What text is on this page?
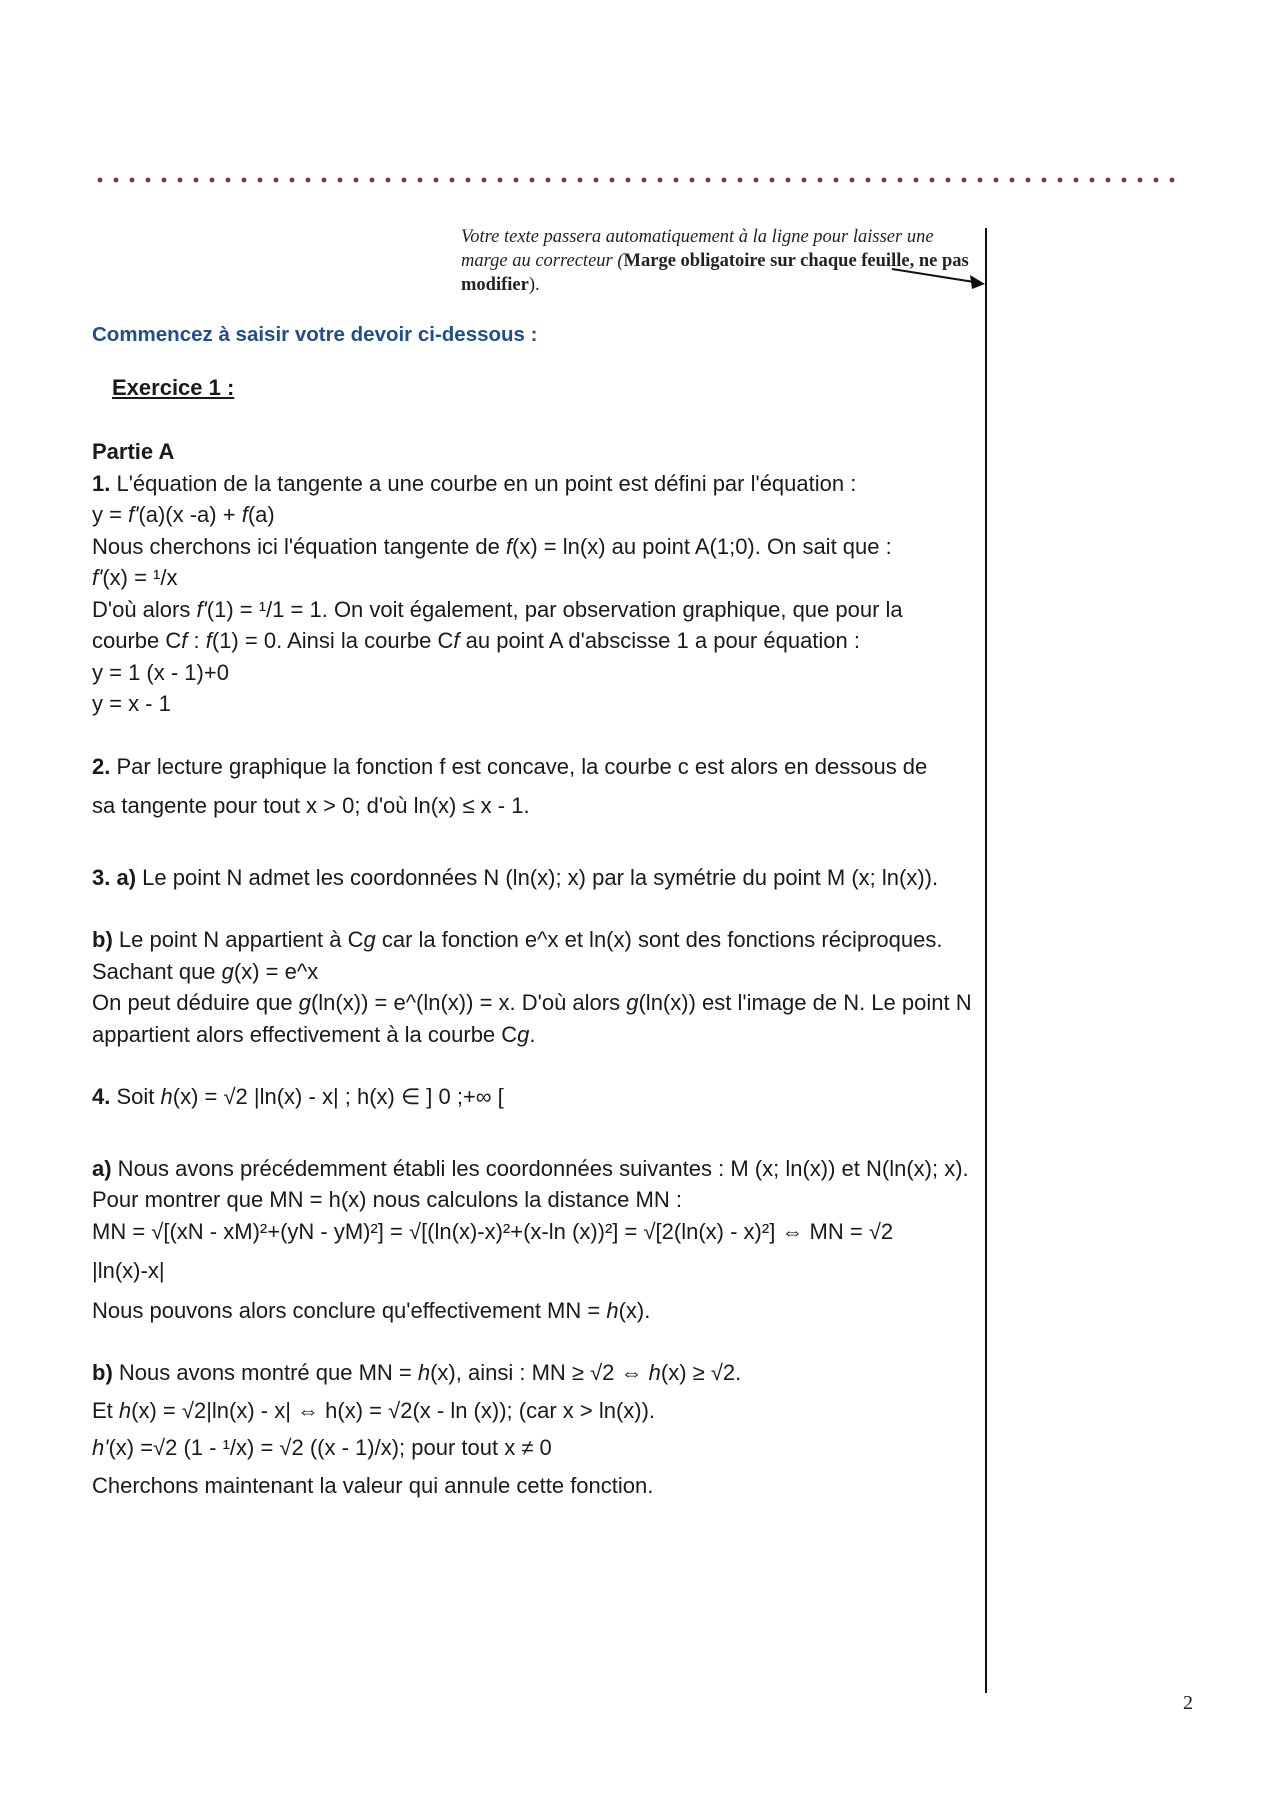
Votre texte passera automatiquement à la ligne pour laisser une marge au correcteur (Marge obligatoire sur chaque feuille, ne pas modifier).
Commencez à saisir votre devoir ci-dessous :
Exercice 1 :

Partie A

1. L'équation de la tangente a une courbe en un point est défini par l'équation :

y = f'(a)(x -a) + f(a)

Nous cherchons ici l'équation tangente de f(x) = ln(x) au point A(1;0). On sait que :

f'(x) = ¹/x

D'où alors f'(1) = ¹/1 = 1. On voit également, par observation graphique, que pour la

courbe Cf : f(1) = 0. Ainsi la courbe Cf au point A d'abscisse 1 a pour équation :

y = 1 (x - 1)+0

y = x - 1

2. Par lecture graphique la fonction f est concave, la courbe c est alors en dessous de

sa tangente pour tout x > 0; d'où ln(x) ≤ x - 1.

3. a) Le point N admet les coordonnées N (ln(x); x) par la symétrie du point M (x; ln(x)).

b) Le point N appartient à Cg car la fonction e^x et ln(x) sont des fonctions réciproques.

Sachant que g(x) = e^x

On peut déduire que g(ln(x)) = e^(ln(x)) = x. D'où alors g(ln(x)) est l'image de N. Le point N appartient alors effectivement à la courbe Cg.

4. Soit h(x) = √2 |ln(x) - x| ; h(x) ∈ ] 0 ;+∞ [

a) Nous avons précédemment établi les coordonnées suivantes : M (x; ln(x)) et N(ln(x); x).

Pour montrer que MN = h(x) nous calculons la distance MN :

MN = √[(xN - xM)²+(yN - yM)²] = √[(ln(x)-x)²+(x-ln (x))²] = √[2(ln(x) - x)²] ⇔ MN = √2

|ln(x)-x|

Nous pouvons alors conclure qu'effectivement MN = h(x).

b) Nous avons montré que MN = h(x), ainsi : MN ≥ √2 ⇔ h(x) ≥ √2.

Et h(x) = √2|ln(x) - x| ⇔ h(x) = √2(x - ln (x)); (car x > ln(x)).

h'(x) =√2 (1 - ¹/x) = √2 ((x - 1)/x); pour tout x ≠ 0

Cherchons maintenant la valeur qui annule cette fonction.

2
